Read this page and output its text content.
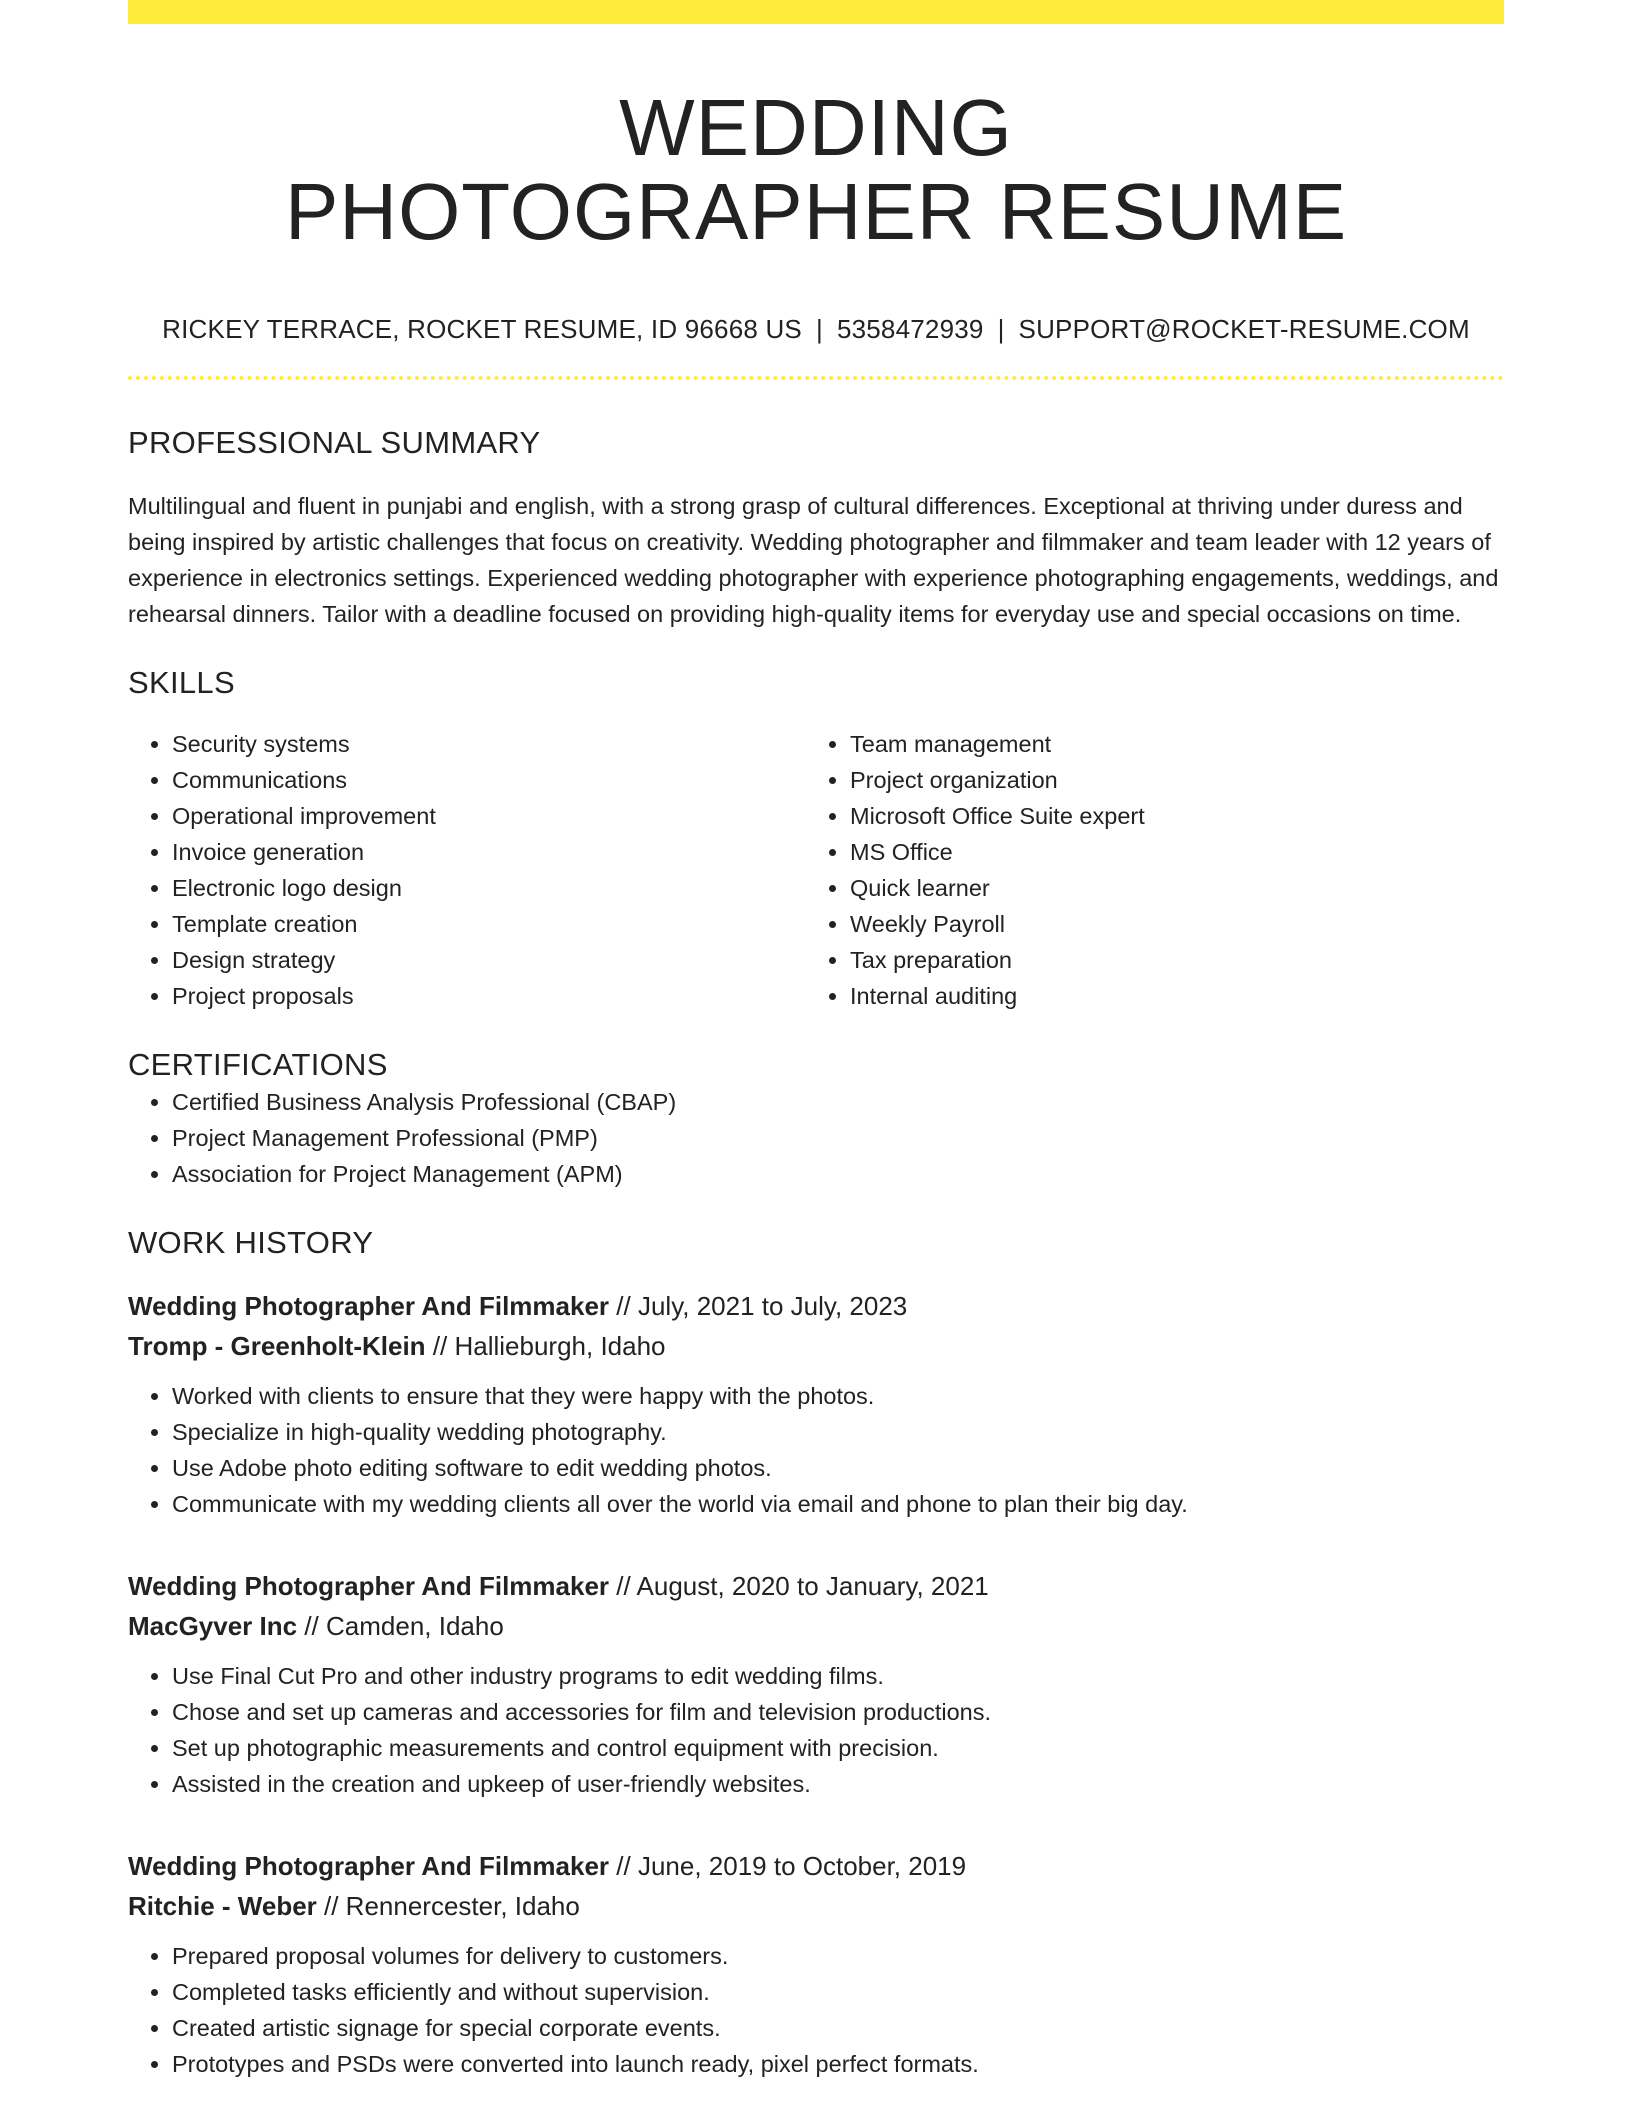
WEDDING
PHOTOGRAPHER RESUME
RICKEY TERRACE, ROCKET RESUME, ID 96668 US | 5358472939 | SUPPORT@ROCKET-RESUME.COM
PROFESSIONAL SUMMARY

Multilingual and fluent in punjabi and english, with a strong grasp of cultural differences. Exceptional at thriving under duress and being inspired by artistic challenges that focus on creativity. Wedding photographer and filmmaker and team leader with 12 years of experience in electronics settings. Experienced wedding photographer with experience photographing engagements, weddings, and rehearsal dinners. Tailor with a deadline focused on providing high-quality items for everyday use and special occasions on time.

SKILLS
• Security systems
• Communications
• Operational improvement
• Invoice generation
• Electronic logo design
• Template creation
• Design strategy
• Project proposals
• Team management
• Project organization
• Microsoft Office Suite expert
• MS Office
• Quick learner
• Weekly Payroll
• Tax preparation
• Internal auditing
CERTIFICATIONS
• Certified Business Analysis Professional (CBAP)
• Project Management Professional (PMP)
• Association for Project Management (APM)
WORK HISTORY
Wedding Photographer And Filmmaker // July, 2021 to July, 2023
Tromp - Greenholt-Klein // Hallieburgh, Idaho
• Worked with clients to ensure that they were happy with the photos.
• Specialize in high-quality wedding photography.
• Use Adobe photo editing software to edit wedding photos.
• Communicate with my wedding clients all over the world via email and phone to plan their big day.
Wedding Photographer And Filmmaker // August, 2020 to January, 2021
MacGyver Inc // Camden, Idaho
• Use Final Cut Pro and other industry programs to edit wedding films.
• Chose and set up cameras and accessories for film and television productions.
• Set up photographic measurements and control equipment with precision.
• Assisted in the creation and upkeep of user-friendly websites.
Wedding Photographer And Filmmaker // June, 2019 to October, 2019
Ritchie - Weber // Rennercester, Idaho
• Prepared proposal volumes for delivery to customers.
• Completed tasks efficiently and without supervision.
• Created artistic signage for special corporate events.
• Prototypes and PSDs were converted into launch ready, pixel perfect formats.
